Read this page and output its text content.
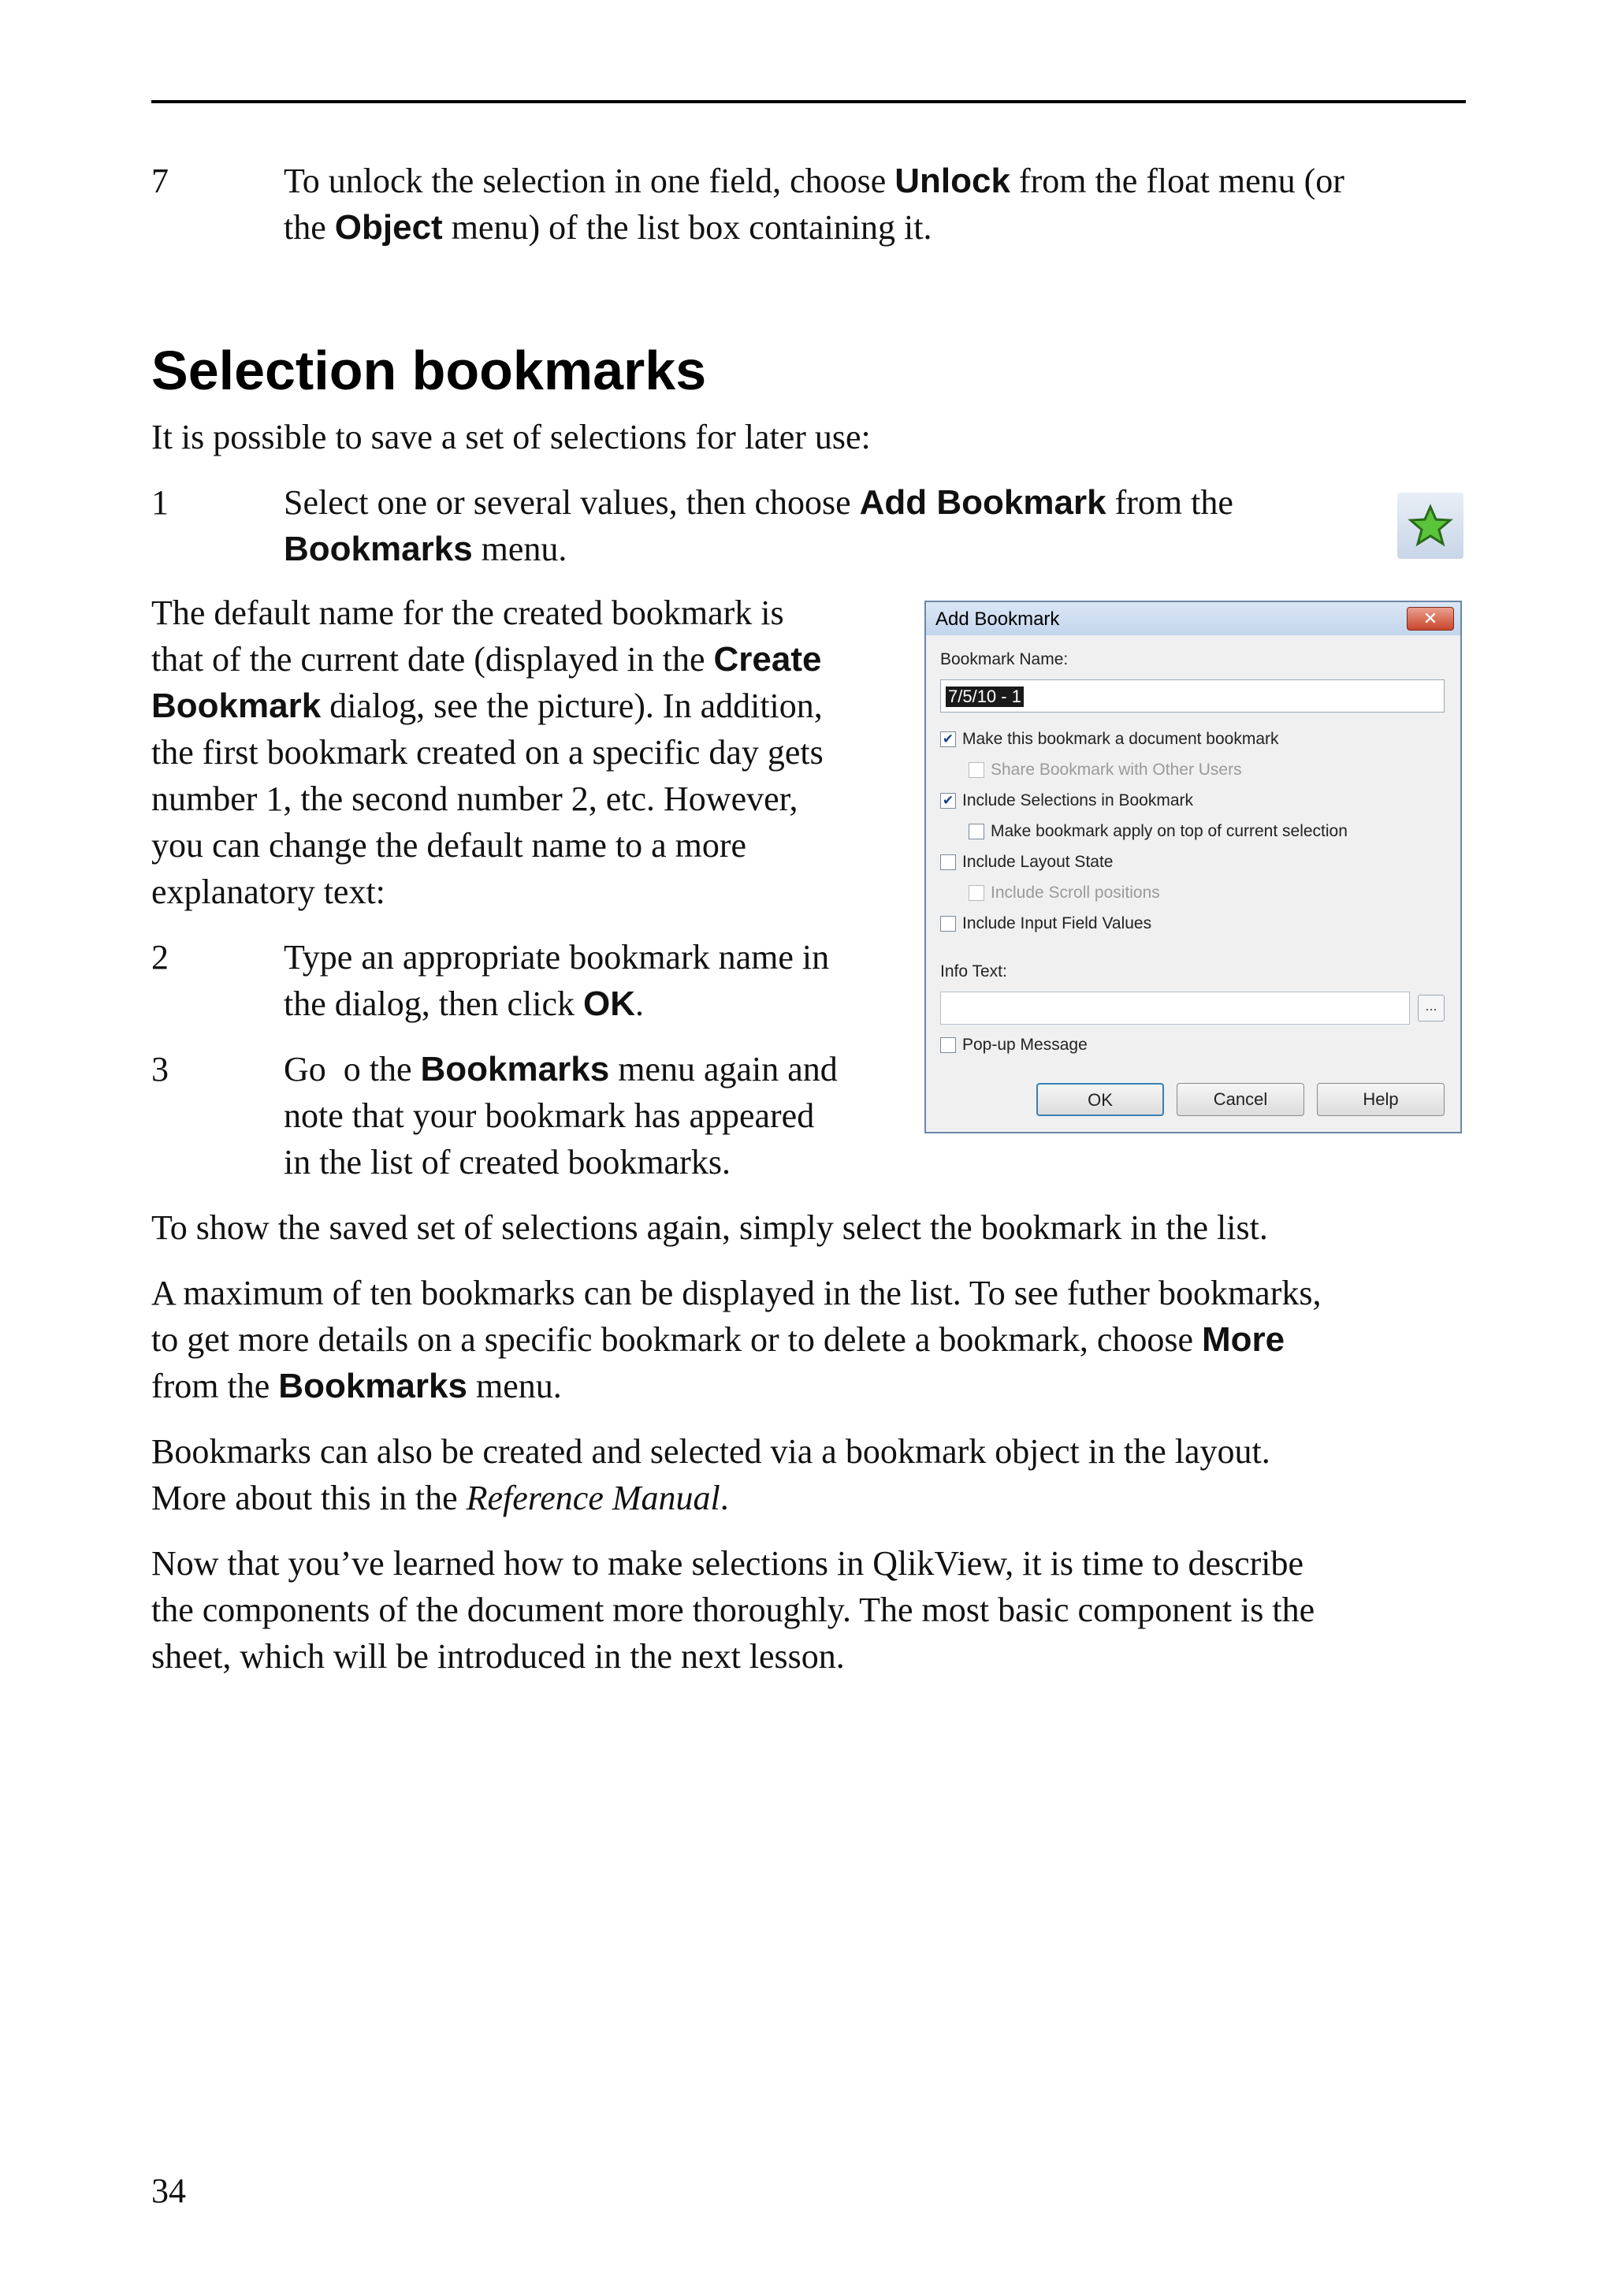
7	To unlock the selection in one field, choose Unlock from the float menu (or
the Object menu) of the list box containing it.
Selection bookmarks
It is possible to save a set of selections for later use:
1	Select one or several values, then choose Add Bookmark from the
Bookmarks menu.
The default name for the created bookmark is
that of the current date (displayed in the Create
Bookmark dialog, see the picture). In addition,
the first bookmark created on a specific day gets
number 1, the second number 2, etc. However,
you can change the default name to a more
explanatory text:
2	Type an appropriate bookmark name in
the dialog, then click OK.
3	Go  o the Bookmarks menu again and
note that your bookmark has appeared
in the list of created bookmarks.
Add Bookmark	✕
Bookmark Name:
7/5/10 - 1
✔ Make this bookmark a document bookmark
Share Bookmark with Other Users
✔ Include Selections in Bookmark
Make bookmark apply on top of current selection
Include Layout State
Include Scroll positions
Include Input Field Values
Info Text:
...
Pop-up Message
OK	Cancel	Help
To show the saved set of selections again, simply select the bookmark in the list.
A maximum of ten bookmarks can be displayed in the list. To see futher bookmarks,
to get more details on a specific bookmark or to delete a bookmark, choose More
from the Bookmarks menu.
Bookmarks can also be created and selected via a bookmark object in the layout.
More about this in the Reference Manual.
Now that you’ve learned how to make selections in QlikView, it is time to describe
the components of the document more thoroughly. The most basic component is the
sheet, which will be introduced in the next lesson.
34
